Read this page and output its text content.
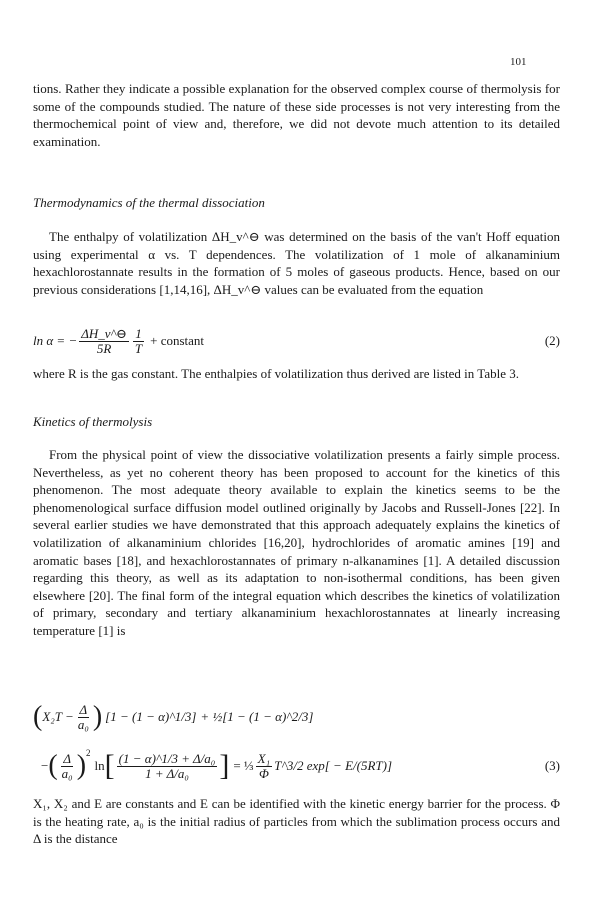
101
tions. Rather they indicate a possible explanation for the observed complex course of thermolysis for some of the compounds studied. The nature of these side processes is not very interesting from the thermochemical point of view and, therefore, we did not devote much attention to its detailed examination.
Thermodynamics of the thermal dissociation
The enthalpy of volatilization ΔH_v^⊖ was determined on the basis of the van't Hoff equation using experimental α vs. T dependences. The volatilization of 1 mole of alkanaminium hexachlorostannate results in the formation of 5 moles of gaseous products. Hence, based on our previous considerations [1,14,16], ΔH_v^⊖ values can be evaluated from the equation
ln α = − $\frac{\Delta H\_v\^{}⊖}{5R} \frac{1}{T}$ + constant	(2)
where R is the gas constant. The enthalpies of volatilization thus derived are listed in Table 3.
Kinetics of thermolysis
From the physical point of view the dissociative volatilization presents a fairly simple process. Nevertheless, as yet no coherent theory has been proposed to account for the kinetics of this phenomenon. The most adequate theory available to explain the kinetics seems to be the phenomenological surface diffusion model outlined originally by Jacobs and Russell-Jones [22]. In several earlier studies we have demonstrated that this approach adequately explains the kinetics of volatilization of alkanaminium chlorides [16,20], hydrochlorides of aromatic amines [19] and aromatic bases [18], and hexachlorostannates of primary n-alkanamines [1]. A detailed discussion regarding this theory, as well as its adaptation to non-isothermal conditions, has been given elsewhere [20]. The final form of the integral equation which describes the kinetics of volatilization of primary, secondary and tertiary alkanaminium hexachlorostannates at linearly increasing temperature [1] is
( $X_2T - \frac{\Delta}{\text{a₀}}$ ) [1 − (1 − α)^1/3] + ½[1 − (1 − α)^2/3]
− ( $\frac{\Delta}{\text{a₀}} )^2$
ln [ $\frac{\text{(1 − α)\textasciicircum{}1/3 + Δ/a₀}}{\text{1 + Δ/a₀}}$ ] = ⅓ $\frac{\text{X₁}}{\Phi}$ T^3/2 exp[ − E/(5RT)]	(3)
X₁, X₂ and E are constants and E can be identified with the kinetic energy barrier for the process. Φ is the heating rate, a₀ is the initial radius of particles from which the sublimation process occurs and Δ is the distance
